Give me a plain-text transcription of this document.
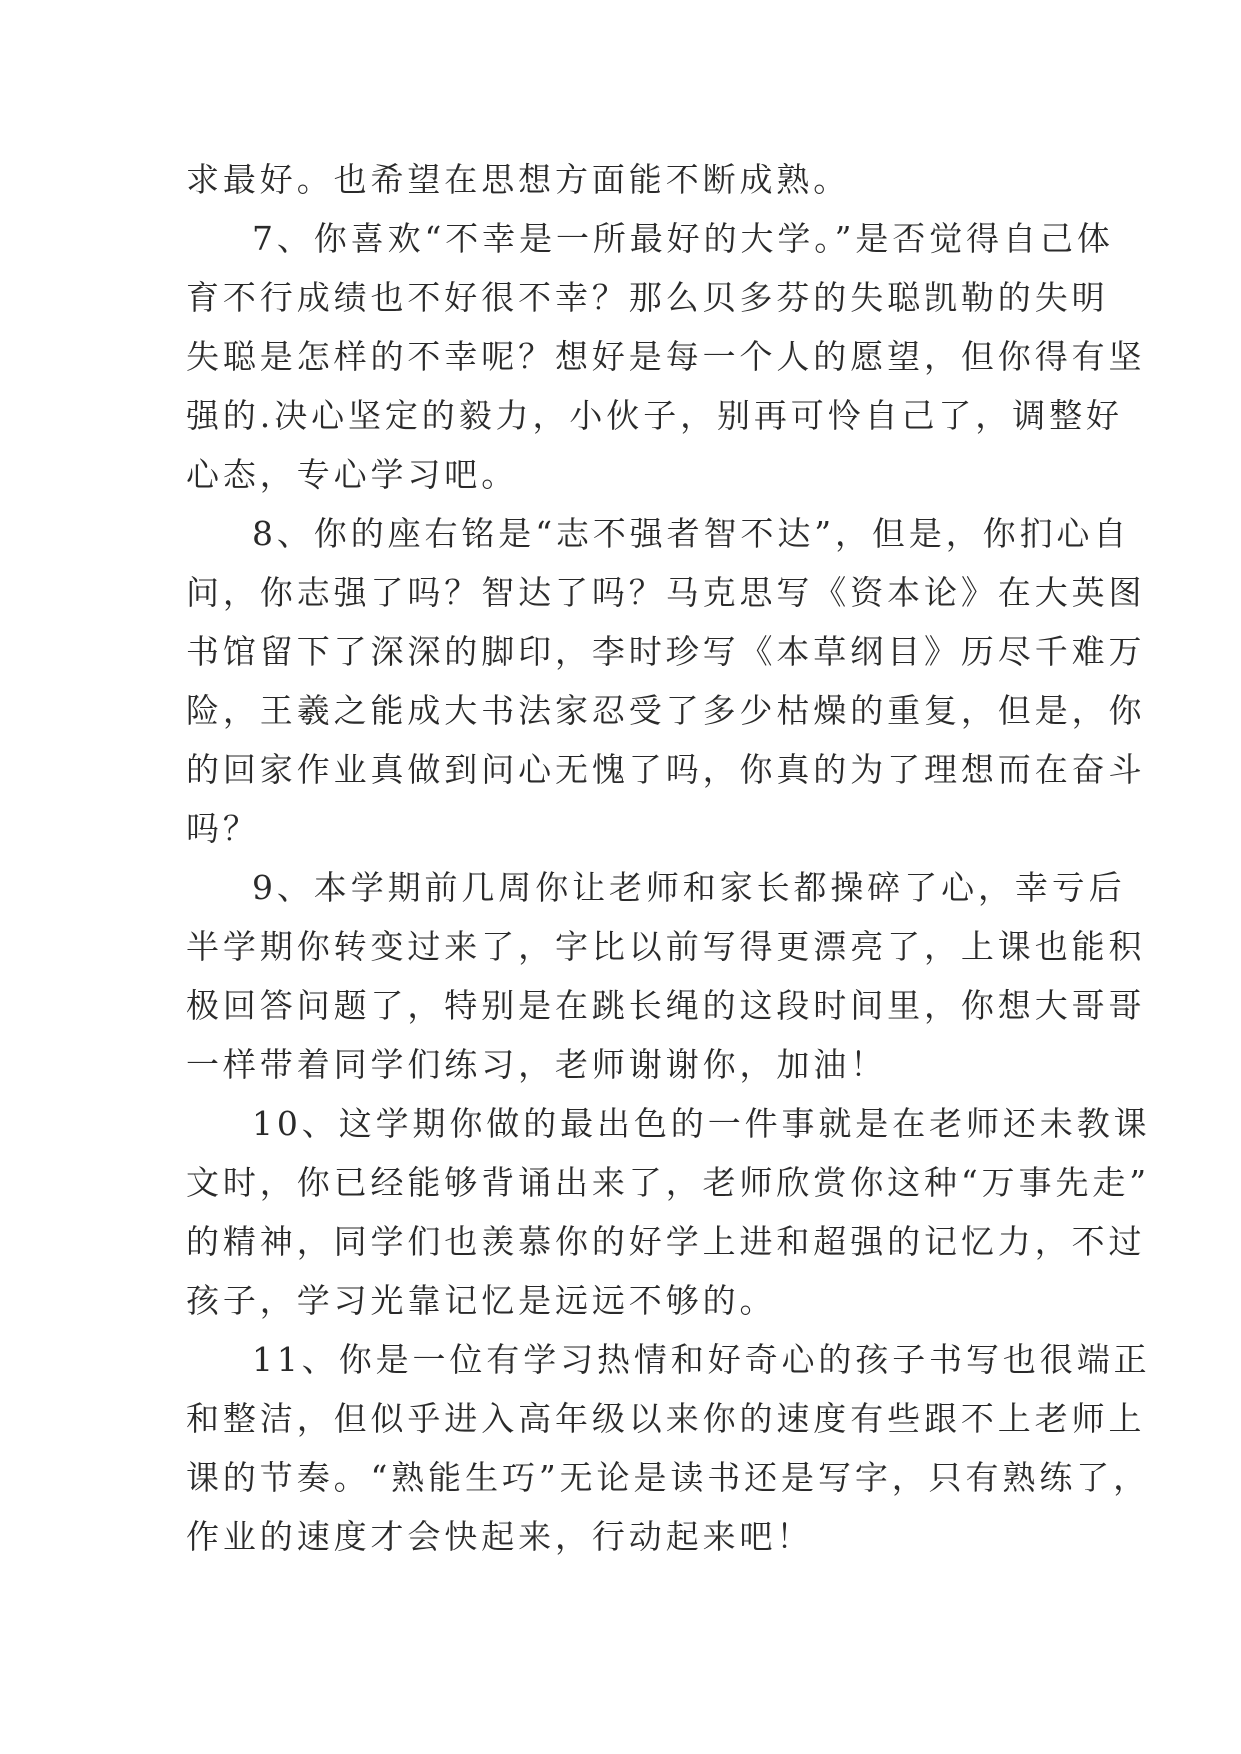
求最好。也希望在思想方面能不断成熟。
7、你喜欢“不幸是一所最好的大学。”是否觉得自己体
育不行成绩也不好很不幸？那么贝多芬的失聪凯勒的失明
失聪是怎样的不幸呢？想好是每一个人的愿望，但你得有坚
强的.决心坚定的毅力，小伙子，别再可怜自己了，调整好
心态，专心学习吧。
8、你的座右铭是“志不强者智不达”，但是，你扪心自
问，你志强了吗？智达了吗？马克思写《资本论》在大英图
书馆留下了深深的脚印，李时珍写《本草纲目》历尽千难万
险，王羲之能成大书法家忍受了多少枯燥的重复，但是，你
的回家作业真做到问心无愧了吗，你真的为了理想而在奋斗
吗？
9、本学期前几周你让老师和家长都操碎了心，幸亏后
半学期你转变过来了，字比以前写得更漂亮了，上课也能积
极回答问题了，特别是在跳长绳的这段时间里，你想大哥哥
一样带着同学们练习，老师谢谢你，加油！
10、这学期你做的最出色的一件事就是在老师还未教课
文时，你已经能够背诵出来了，老师欣赏你这种“万事先走”
的精神，同学们也羡慕你的好学上进和超强的记忆力，不过
孩子，学习光靠记忆是远远不够的。
11、你是一位有学习热情和好奇心的孩子书写也很端正
和整洁，但似乎进入高年级以来你的速度有些跟不上老师上
课的节奏。“熟能生巧”无论是读书还是写字，只有熟练了，
作业的速度才会快起来，行动起来吧！
